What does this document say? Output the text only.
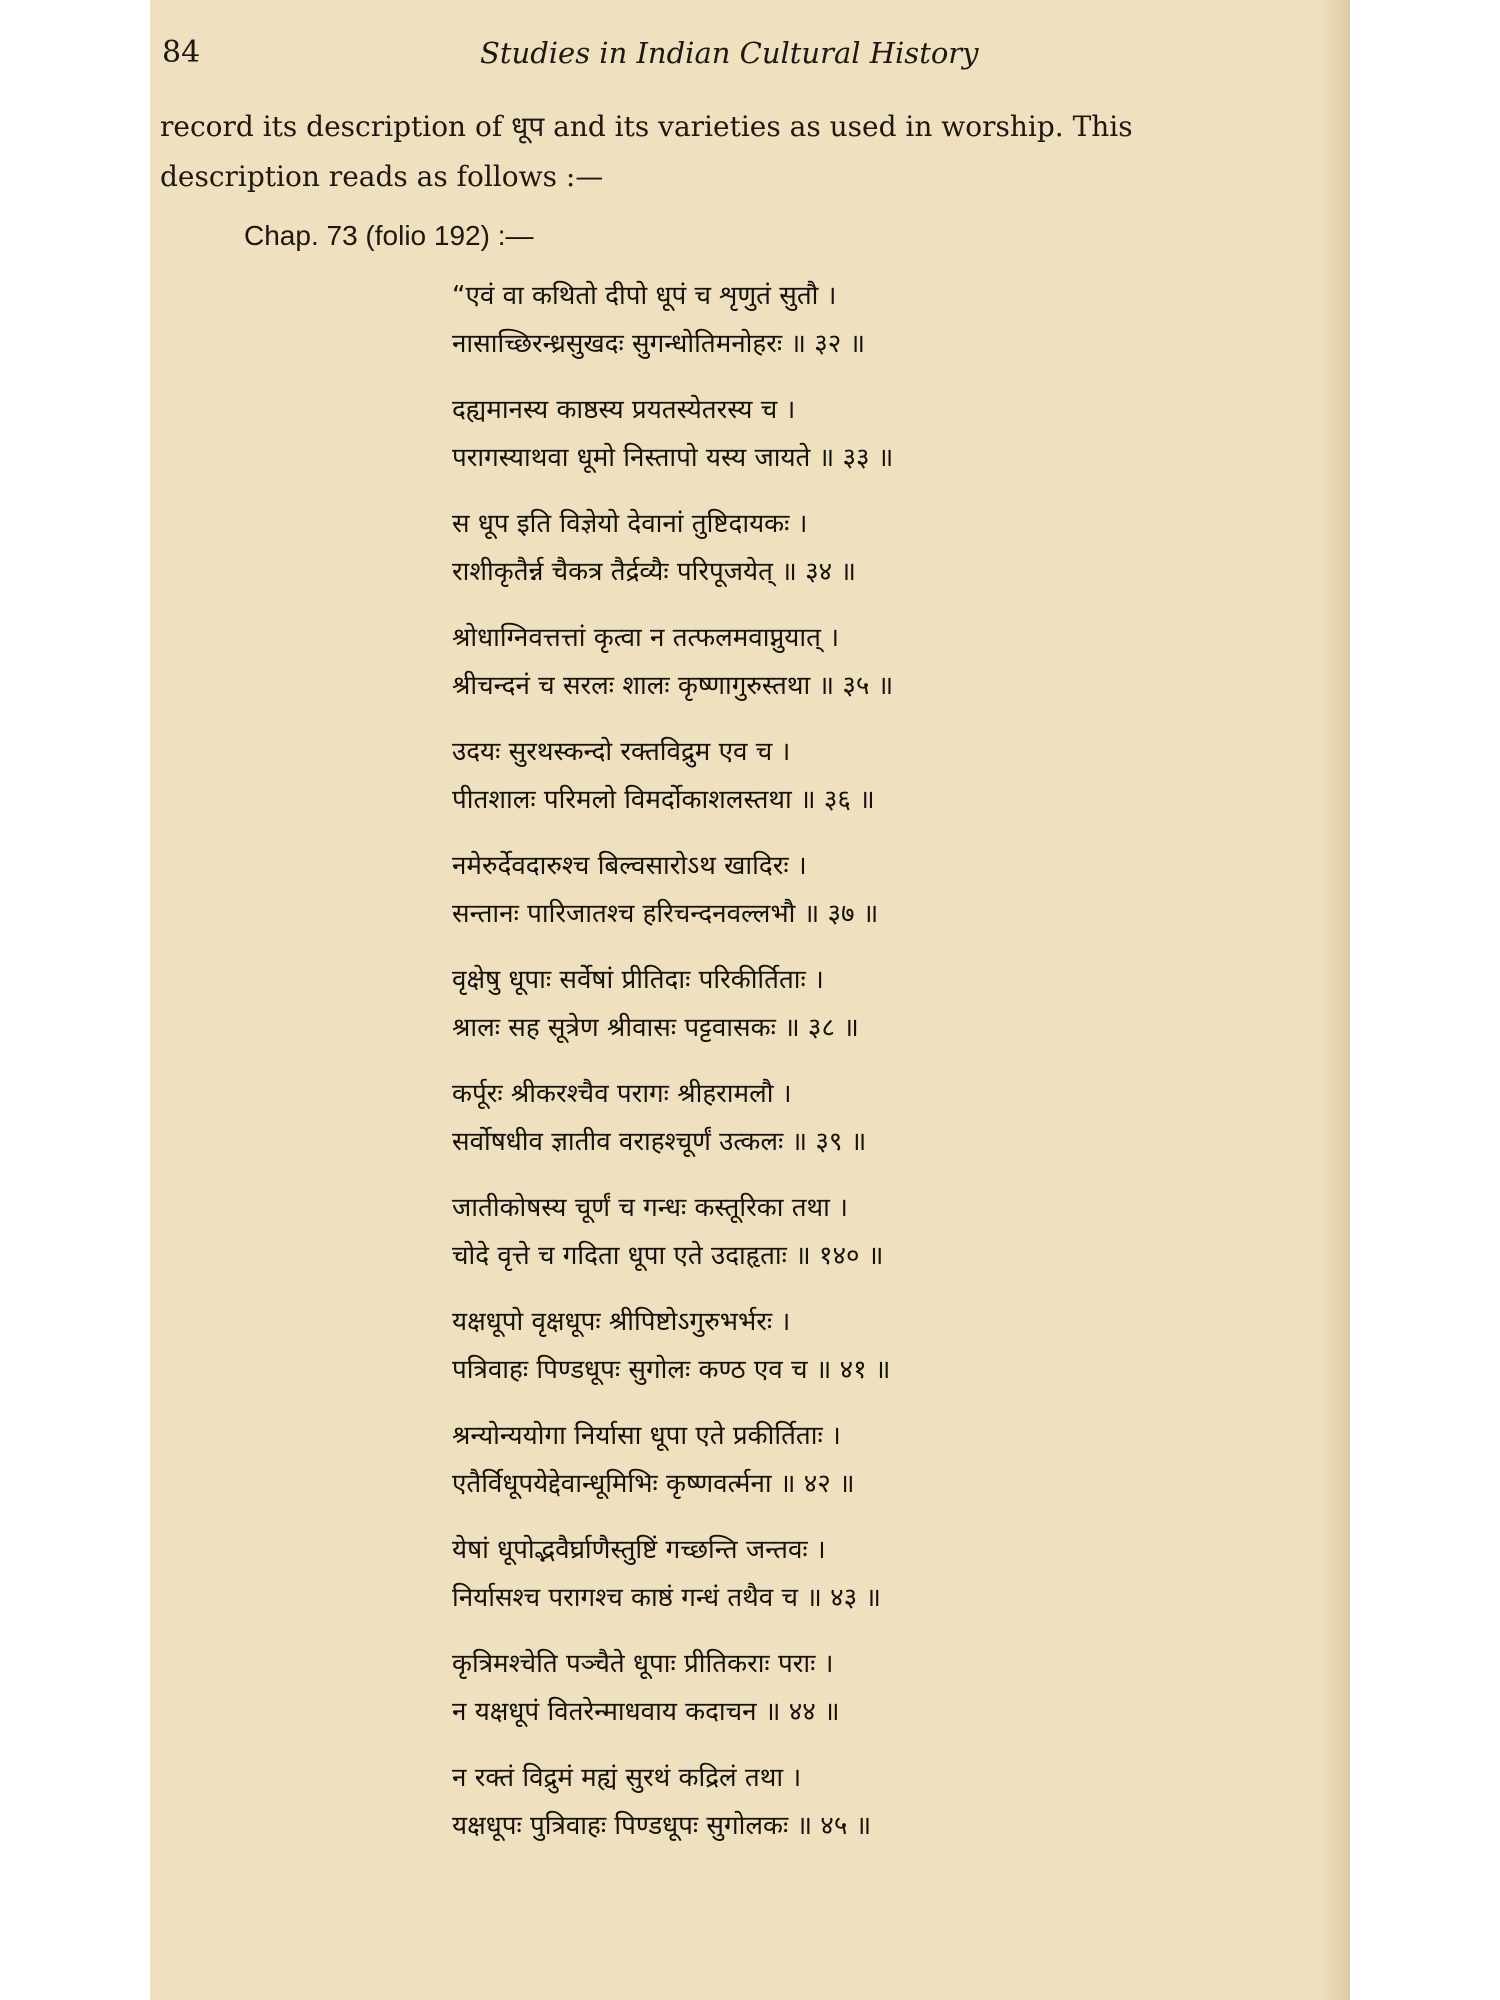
84	Studies in Indian Cultural History

record its description of धूप and its varieties as used in worship. This

description reads as follows :—

Chap. 73 (folio 192) :—
“एवं वा कथितो दीपो धूपं च शृणुतं सुतौ ।
नासाच्छिरन्ध्रसुखदः सुगन्धोतिमनोहरः ॥ ३२ ॥
दह्यमानस्य काष्ठस्य प्रयतस्येतरस्य च ।
परागस्याथवा धूमो निस्तापो यस्य जायते ॥ ३३ ॥
स धूप इति विज्ञेयो देवानां तुष्टिदायकः ।
राशीकृतैर्न्न चैकत्र तैर्द्रव्यैः परिपूजयेत् ॥ ३४ ॥
श्रोधाग्निवत्तत्तां कृत्वा न तत्फलमवाप्नुयात् ।
श्रीचन्दनं च सरलः शालः कृष्णागुरुस्तथा ॥ ३५ ॥
उदयः सुरथस्कन्दो रक्तविद्रुम एव च ।
पीतशालः परिमलो विमर्दोकाशलस्तथा ॥ ३६ ॥
नमेरुर्देवदारुश्च बिल्वसारोऽथ खादिरः ।
सन्तानः पारिजातश्च हरिचन्दनवल्लभौ ॥ ३७ ॥
वृक्षेषु धूपाः सर्वेषां प्रीतिदाः परिकीर्तिताः ।
श्रालः सह सूत्रेण श्रीवासः पट्टवासकः ॥ ३८ ॥
कर्पूरः श्रीकरश्चैव परागः श्रीहरामलौ ।
सर्वोषधीव ज्ञातीव वराहश्चूर्णं उत्कलः ॥ ३९ ॥
जातीकोषस्य चूर्णं च गन्धः कस्तूरिका तथा ।
चोदे वृत्ते च गदिता धूपा एते उदाहृताः ॥ १४० ॥
यक्षधूपो वृक्षधूपः श्रीपिष्टोऽगुरुभर्भरः ।
पत्रिवाहः पिण्डधूपः सुगोलः कण्ठ एव च ॥ ४१ ॥
श्रन्योन्ययोगा निर्यासा धूपा एते प्रकीर्तिताः ।
एतैर्विधूपयेद्देवान्धूमिभिः कृष्णवर्त्मना ॥ ४२ ॥
येषां धूपोद्भवैर्घ्राणैस्तुष्टिं गच्छन्ति जन्तवः ।
निर्यासश्च परागश्च काष्ठं गन्धं तथैव च ॥ ४३ ॥
कृत्रिमश्चेति पञ्चैते धूपाः प्रीतिकराः पराः ।
न यक्षधूपं वितरेन्माधवाय कदाचन ॥ ४४ ॥
न रक्तं विद्रुमं मह्यं सुरथं कद्रिलं तथा ।
यक्षधूपः पुत्रिवाहः पिण्डधूपः सुगोलकः ॥ ४५ ॥
